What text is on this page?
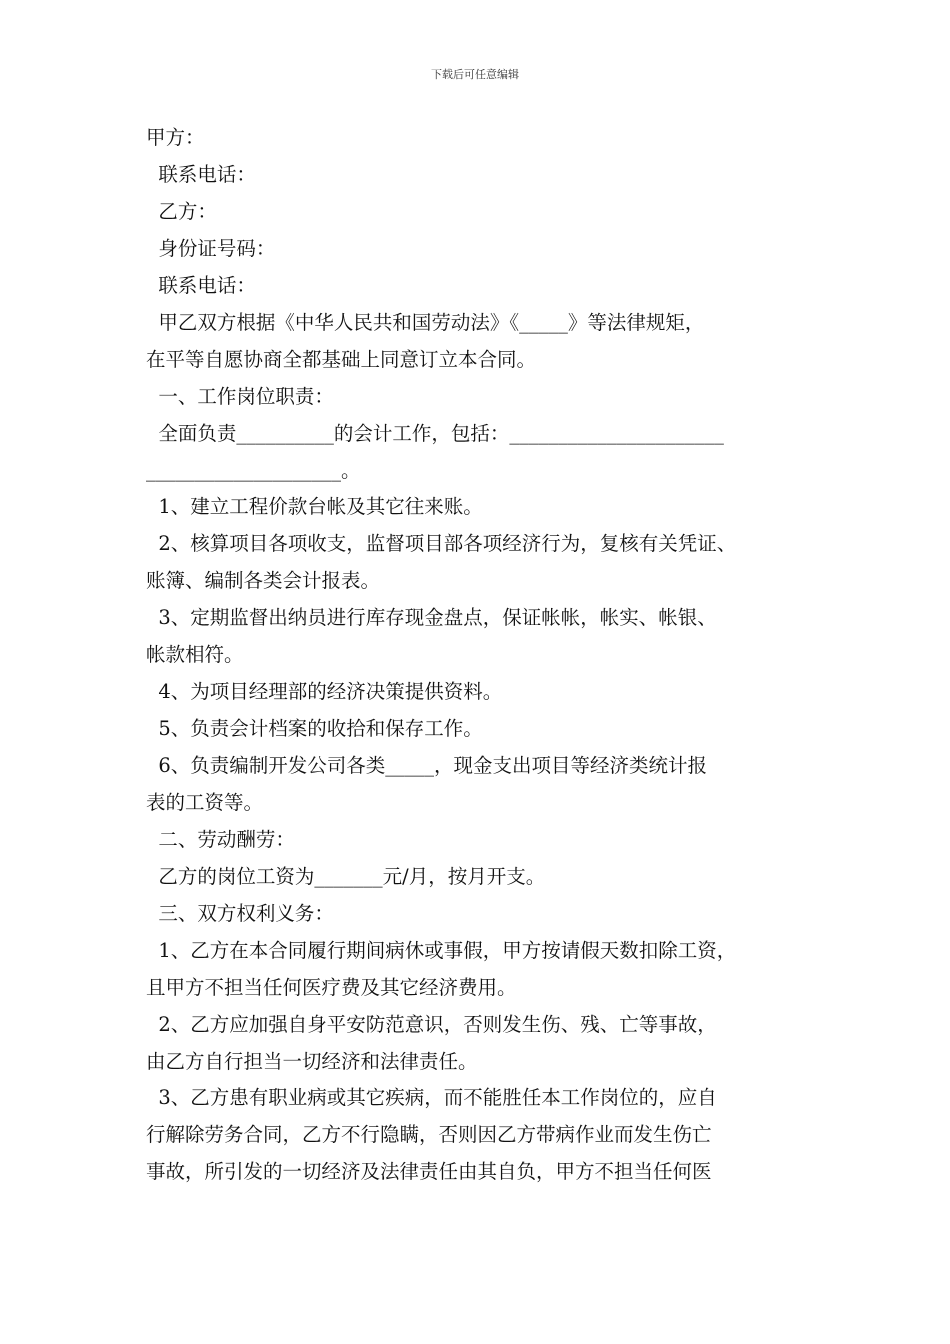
下载后可任意编辑
甲方：
联系电话：
乙方：
身份证号码：
联系电话：
甲乙双方根据《中华人民共和国劳动法》《_____》等法律规矩，
在平等自愿协商全都基础上同意订立本合同。
一、工作岗位职责：
全面负责__________的会计工作，包括：______________________
____________________。
1、建立工程价款台帐及其它往来账。
2、核算项目各项收支，监督项目部各项经济行为，复核有关凭证、
账簿、编制各类会计报表。
3、定期监督出纳员进行库存现金盘点，保证帐帐，帐实、帐银、
帐款相符。
4、为项目经理部的经济决策提供资料。
5、负责会计档案的收拾和保存工作。
6、负责编制开发公司各类_____，现金支出项目等经济类统计报
表的工资等。
二、劳动酬劳：
乙方的岗位工资为_______元/月，按月开支。
三、双方权利义务：
1、乙方在本合同履行期间病休或事假，甲方按请假天数扣除工资，
且甲方不担当任何医疗费及其它经济费用。
2、乙方应加强自身平安防范意识，否则发生伤、残、亡等事故，
由乙方自行担当一切经济和法律责任。
3、乙方患有职业病或其它疾病，而不能胜任本工作岗位的，应自
行解除劳务合同，乙方不行隐瞒，否则因乙方带病作业而发生伤亡
事故，所引发的一切经济及法律责任由其自负，甲方不担当任何医
